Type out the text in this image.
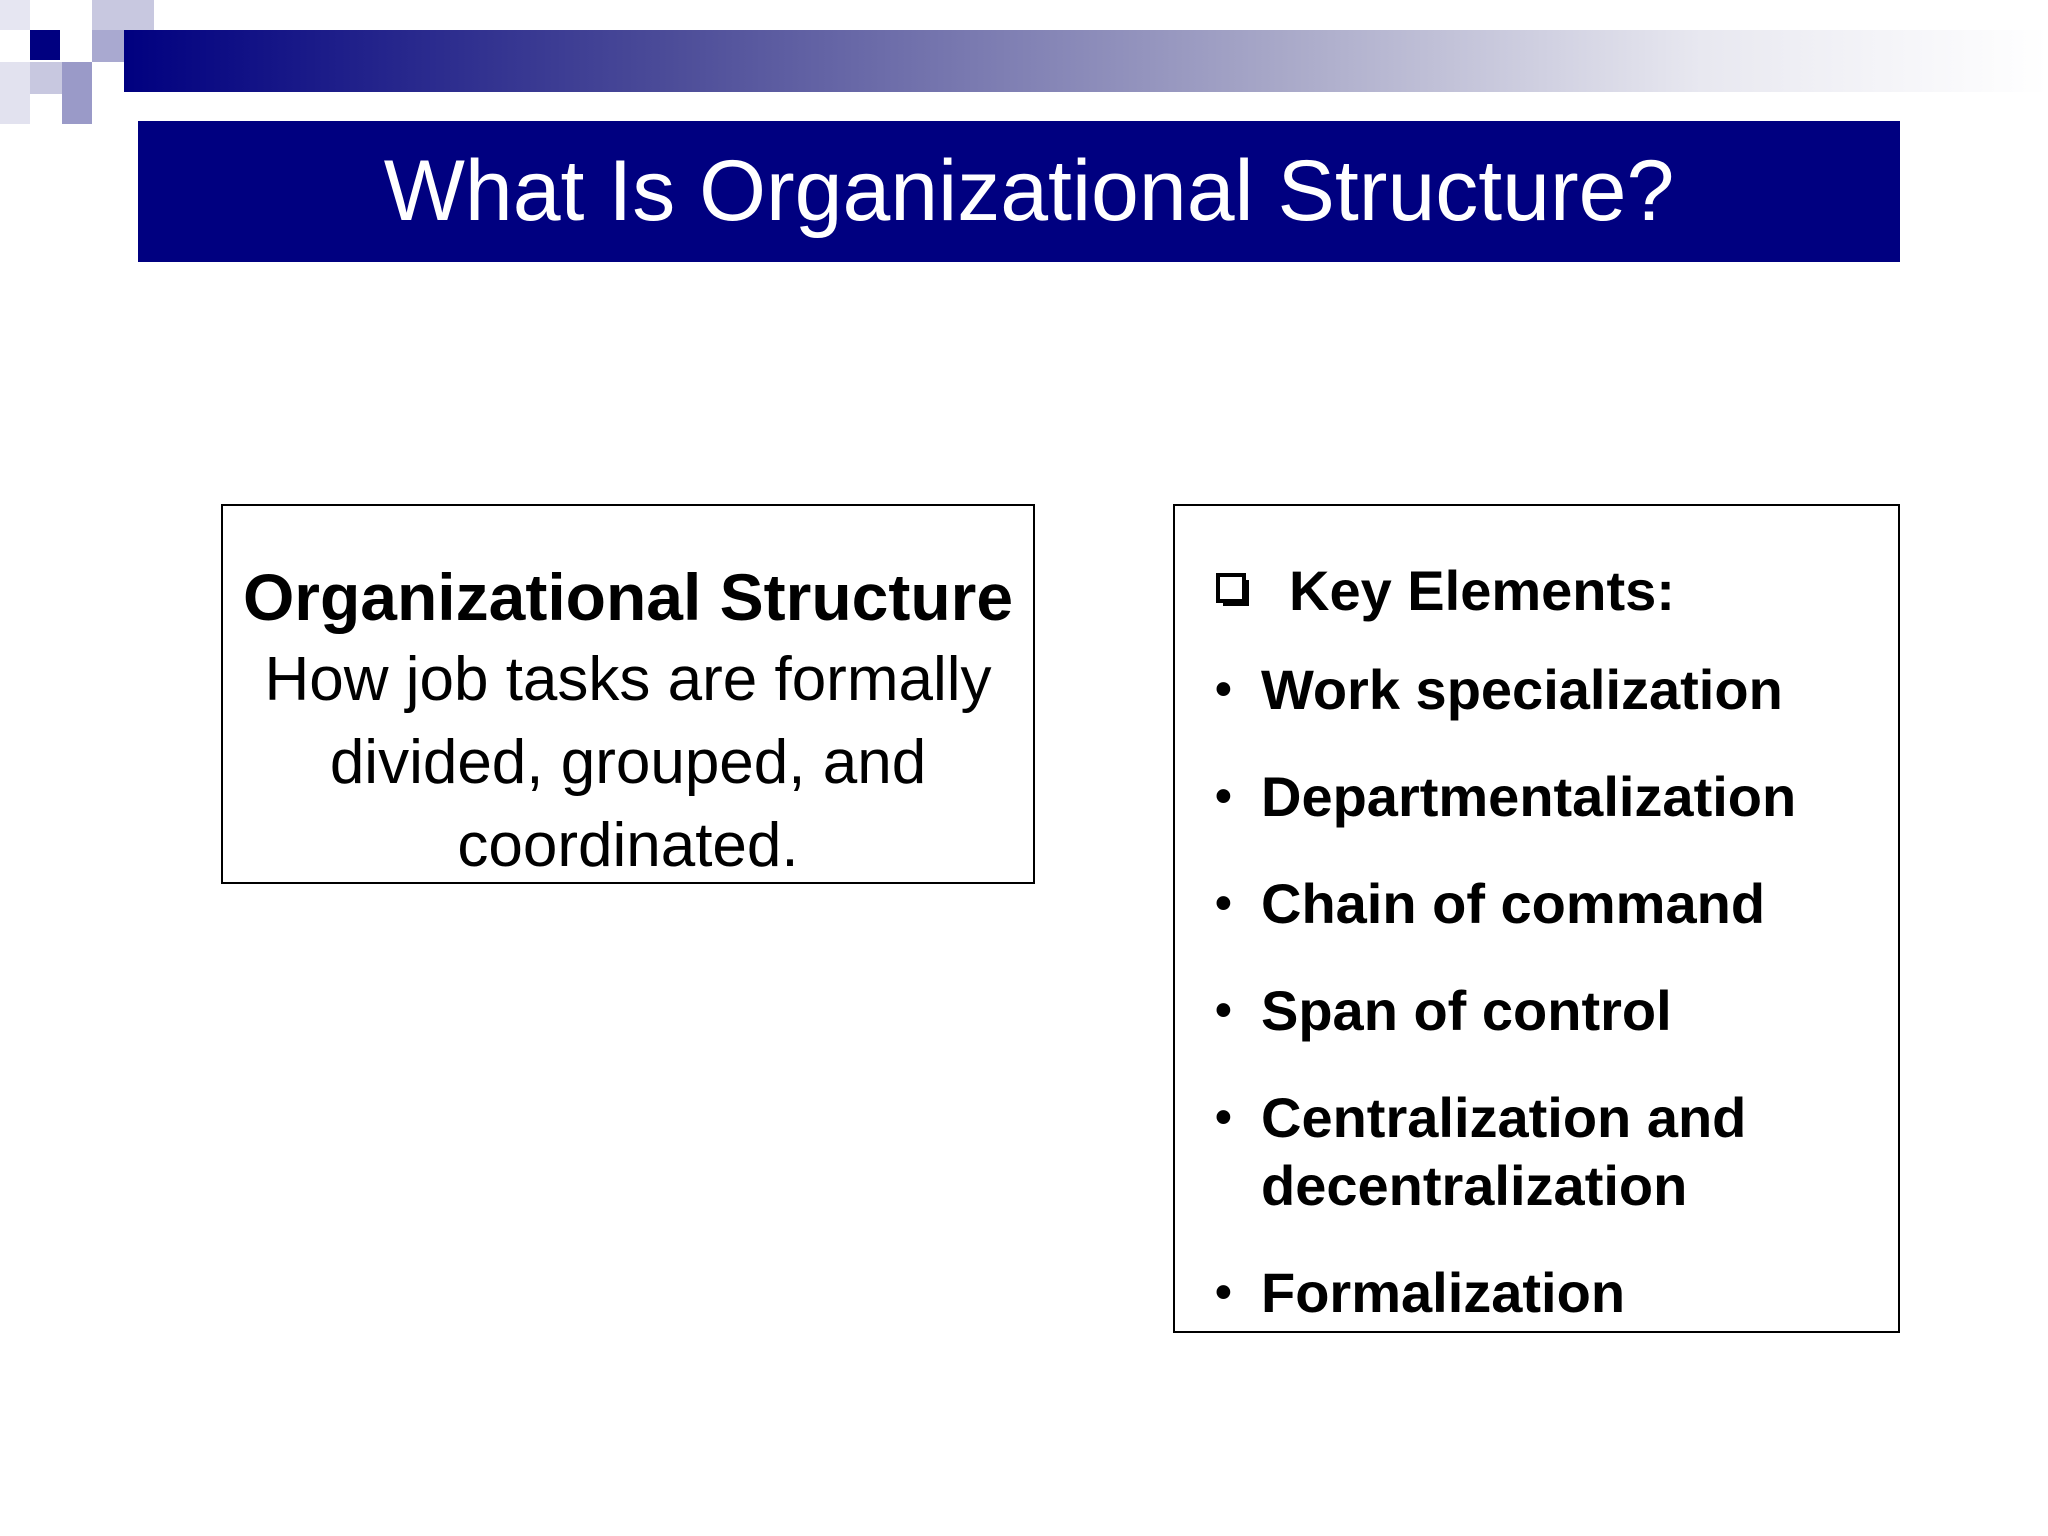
What Is Organizational Structure?
Organizational Structure
How job tasks are formally divided, grouped, and coordinated.
Key Elements:
• Work specialization
• Departmentalization
• Chain of command
• Span of control
• Centralization and decentralization
• Formalization
